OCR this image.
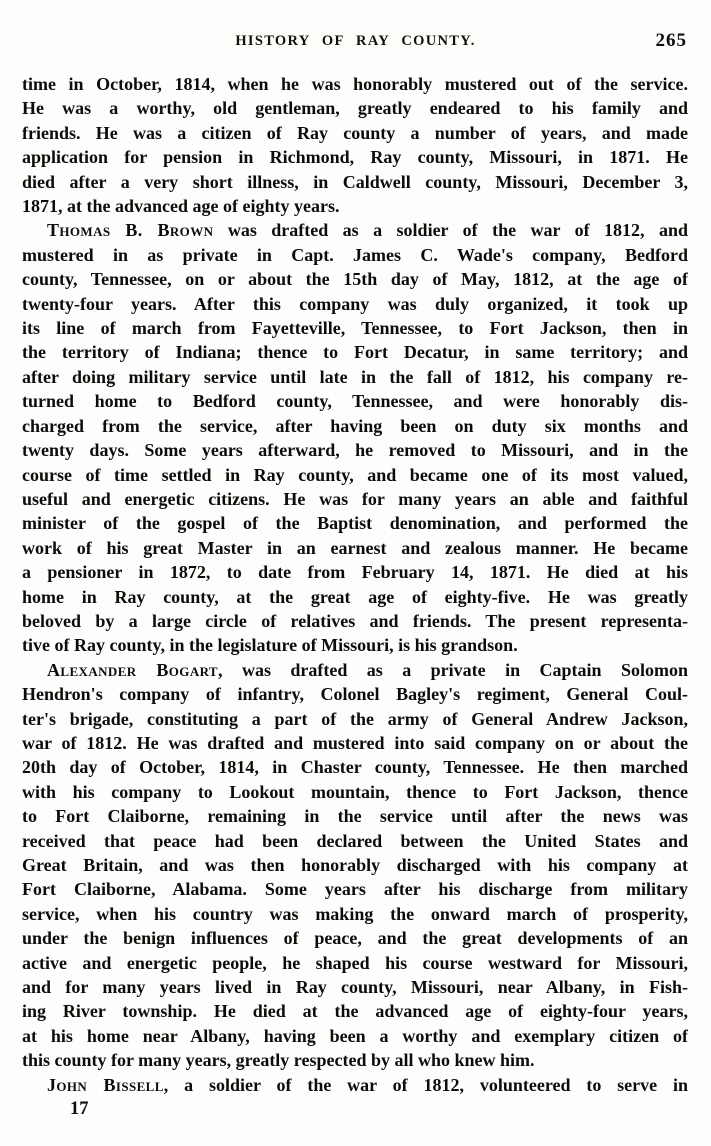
HISTORY OF RAY COUNTY.	265
time in October, 1814, when he was honorably mustered out of the service.
He was a worthy, old gentleman, greatly endeared to his family and
friends. He was a citizen of Ray county a number of years, and made
application for pension in Richmond, Ray county, Missouri, in 1871. He
died after a very short illness, in Caldwell county, Missouri, December 3,
1871, at the advanced age of eighty years.
Thomas B. Brown was drafted as a soldier of the war of 1812, and
mustered in as private in Capt. James C. Wade's company, Bedford
county, Tennessee, on or about the 15th day of May, 1812, at the age of
twenty-four years. After this company was duly organized, it took up
its line of march from Fayetteville, Tennessee, to Fort Jackson, then in
the territory of Indiana; thence to Fort Decatur, in same territory; and
after doing military service until late in the fall of 1812, his company re-
turned home to Bedford county, Tennessee, and were honorably dis-
charged from the service, after having been on duty six months and
twenty days. Some years afterward, he removed to Missouri, and in the
course of time settled in Ray county, and became one of its most valued,
useful and energetic citizens. He was for many years an able and faithful
minister of the gospel of the Baptist denomination, and performed the
work of his great Master in an earnest and zealous manner. He became
a pensioner in 1872, to date from February 14, 1871. He died at his
home in Ray county, at the great age of eighty-five. He was greatly
beloved by a large circle of relatives and friends. The present representa-
tive of Ray county, in the legislature of Missouri, is his grandson.
Alexander Bogart, was drafted as a private in Captain Solomon
Hendron's company of infantry, Colonel Bagley's regiment, General Coul-
ter's brigade, constituting a part of the army of General Andrew Jackson,
war of 1812. He was drafted and mustered into said company on or about the
20th day of October, 1814, in Chaster county, Tennessee. He then marched
with his company to Lookout mountain, thence to Fort Jackson, thence
to Fort Claiborne, remaining in the service until after the news was
received that peace had been declared between the United States and
Great Britain, and was then honorably discharged with his company at
Fort Claiborne, Alabama. Some years after his discharge from military
service, when his country was making the onward march of prosperity,
under the benign influences of peace, and the great developments of an
active and energetic people, he shaped his course westward for Missouri,
and for many years lived in Ray county, Missouri, near Albany, in Fish-
ing River township. He died at the advanced age of eighty-four years,
at his home near Albany, having been a worthy and exemplary citizen of
this county for many years, greatly respected by all who knew him.
John Bissell, a soldier of the war of 1812, volunteered to serve in
17
